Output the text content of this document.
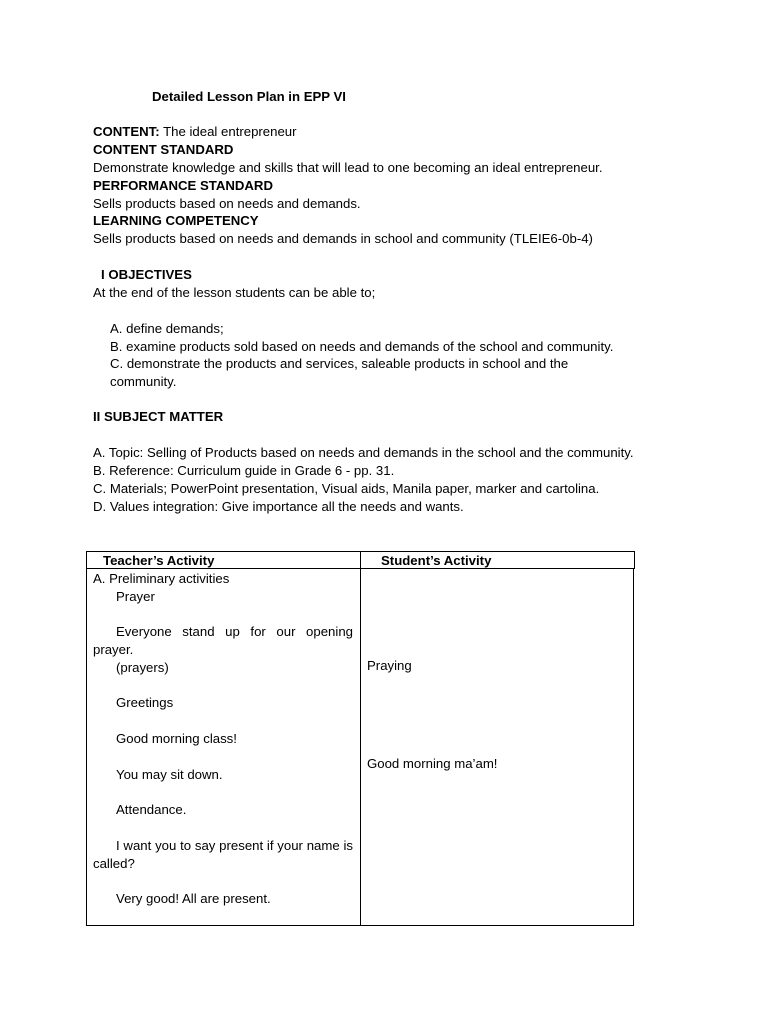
Detailed Lesson Plan in EPP VI
CONTENT: The ideal entrepreneur
CONTENT STANDARD
Demonstrate knowledge and skills that will lead to one becoming an ideal entrepreneur.
PERFORMANCE STANDARD
Sells products based on needs and demands.
LEARNING COMPETENCY
Sells products based on needs and demands in school and community (TLEIE6-0b-4)
I OBJECTIVES
At the end of the lesson students can be able to;
A. define demands;
B. examine products sold based on needs and demands of the school and community.
C. demonstrate the products and services, saleable products in school and the
community.
II SUBJECT MATTER
A. Topic: Selling of Products based on needs and demands in the school and the community.
B. Reference: Curriculum guide in Grade 6 - pp. 31.
C. Materials; PowerPoint presentation, Visual aids, Manila paper, marker and cartolina.
D. Values integration: Give importance all the needs and wants.
Teacher’s Activity	Student’s Activity
A. Preliminary activities
Prayer
Everyone stand up for our opening prayer.
(prayers)
Greetings
Good morning class!
You may sit down.
Attendance.
I want you to say present if your name is called?
Very good! All are present.
Praying
Good morning ma’am!
